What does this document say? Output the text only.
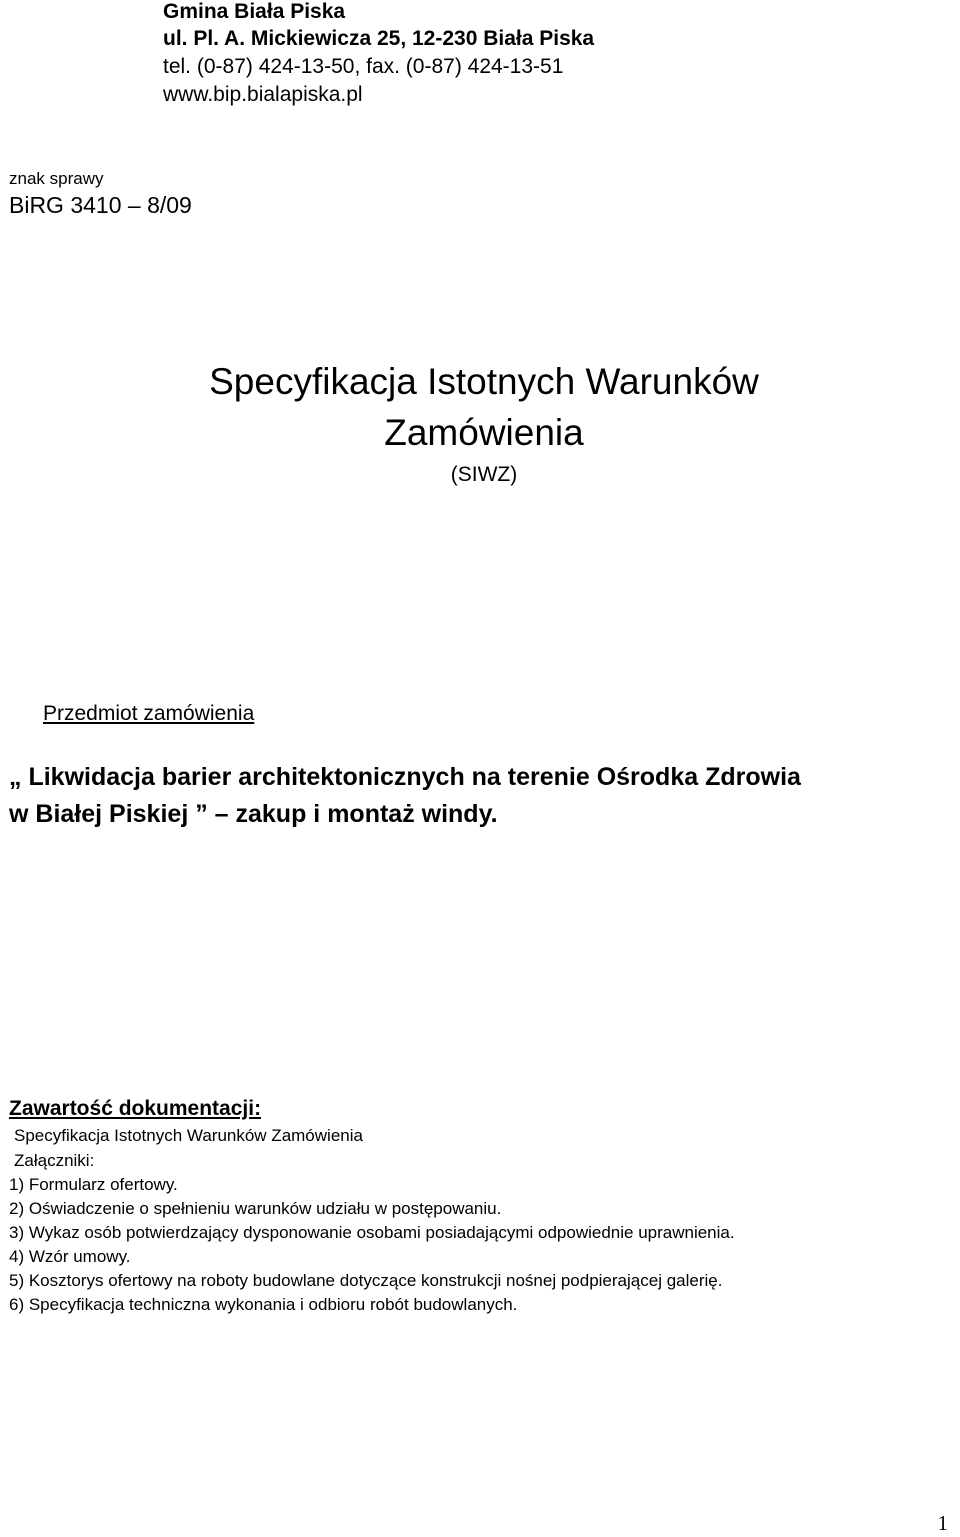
Gmina Biała Piska
ul. Pl. A. Mickiewicza 25, 12-230 Biała Piska
tel. (0-87) 424-13-50, fax. (0-87) 424-13-51
www.bip.bialapiska.pl
znak sprawy
BiRG 3410 – 8/09
Specyfikacja Istotnych Warunków
Zamówienia
(SIWZ)
Przedmiot zamówienia
„ Likwidacja barier architektonicznych na terenie Ośrodka Zdrowia
w Białej Piskiej ” – zakup i montaż windy.
Zawartość dokumentacji:
Specyfikacja Istotnych Warunków Zamówienia
Załączniki:
1) Formularz ofertowy.
2) Oświadczenie o spełnieniu warunków udziału w postępowaniu.
3) Wykaz osób potwierdzający dysponowanie osobami posiadającymi odpowiednie uprawnienia.
4) Wzór umowy.
5) Kosztorys ofertowy na roboty budowlane dotyczące konstrukcji nośnej podpierającej galerię.
6) Specyfikacja techniczna wykonania i odbioru robót budowlanych.
1
